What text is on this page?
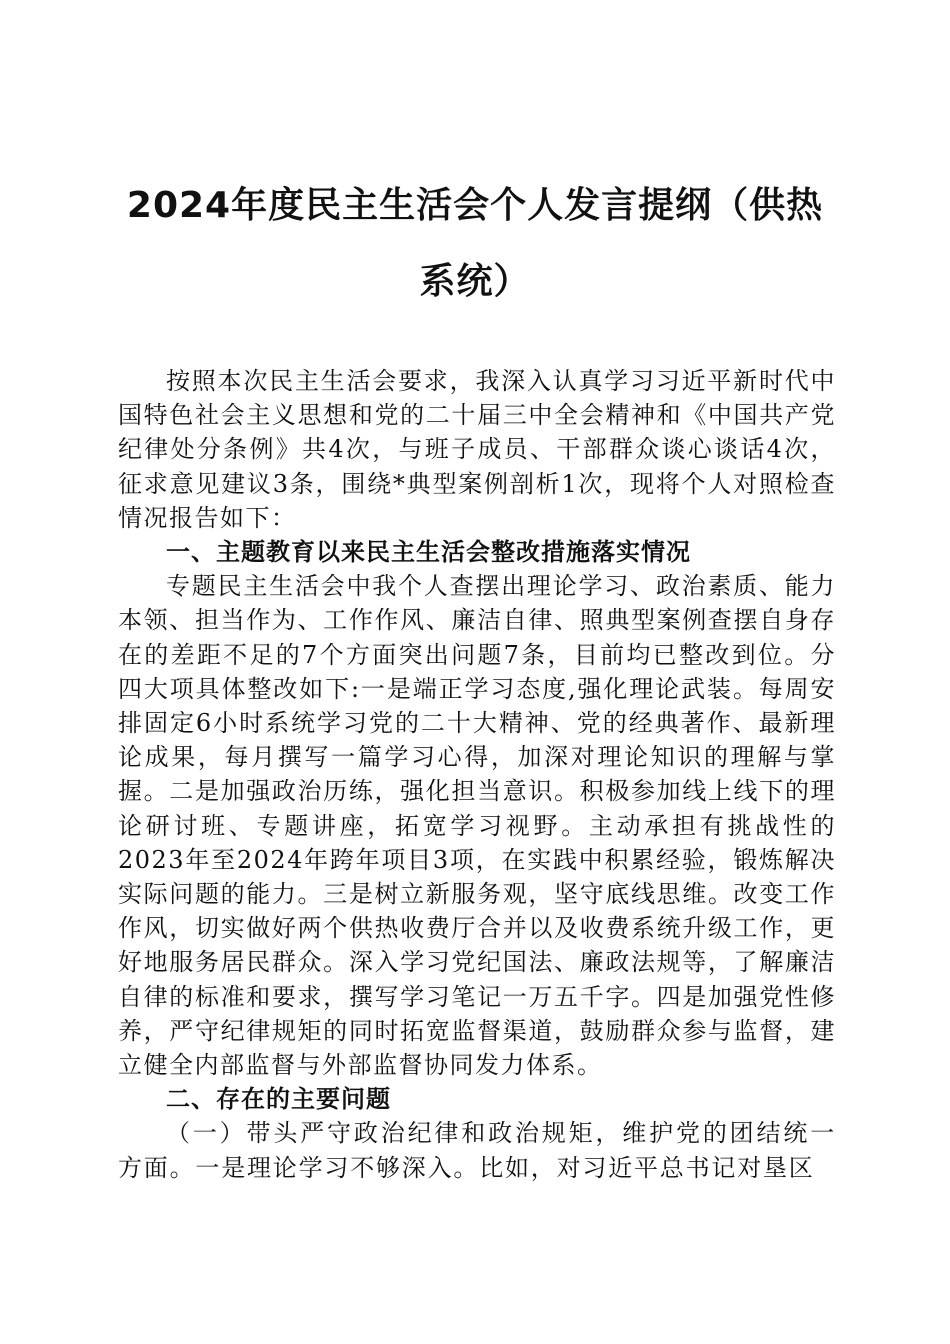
2024年度民主生活会个人发言提纲（供热系统）

按照本次民主生活会要求，我深入认真学习习近平新时代中国特色社会主义思想和党的二十届三中全会精神和《中国共产党纪律处分条例》共4次，与班子成员、干部群众谈心谈话4次，征求意见建议3条，围绕*典型案例剖析1次，现将个人对照检查情况报告如下：

一、主题教育以来民主生活会整改措施落实情况

专题民主生活会中我个人查摆出理论学习、政治素质、能力本领、担当作为、工作作风、廉洁自律、照典型案例查摆自身存在的差距不足的7个方面突出问题7条，目前均已整改到位。分四大项具体整改如下:一是端正学习态度,强化理论武装。每周安排固定6小时系统学习党的二十大精神、党的经典著作、最新理论成果，每月撰写一篇学习心得，加深对理论知识的理解与掌握。二是加强政治历练，强化担当意识。积极参加线上线下的理论研讨班、专题讲座，拓宽学习视野。主动承担有挑战性的2023年至2024年跨年项目3项，在实践中积累经验，锻炼解决实际问题的能力。三是树立新服务观，坚守底线思维。改变工作作风，切实做好两个供热收费厅合并以及收费系统升级工作，更好地服务居民群众。深入学习党纪国法、廉政法规等，了解廉洁自律的标准和要求，撰写学习笔记一万五千字。四是加强党性修养，严守纪律规矩的同时拓宽监督渠道，鼓励群众参与监督，建立健全内部监督与外部监督协同发力体系。

二、存在的主要问题

（一）带头严守政治纪律和政治规矩，维护党的团结统一方面。一是理论学习不够深入。比如，对习近平总书记对垦区
